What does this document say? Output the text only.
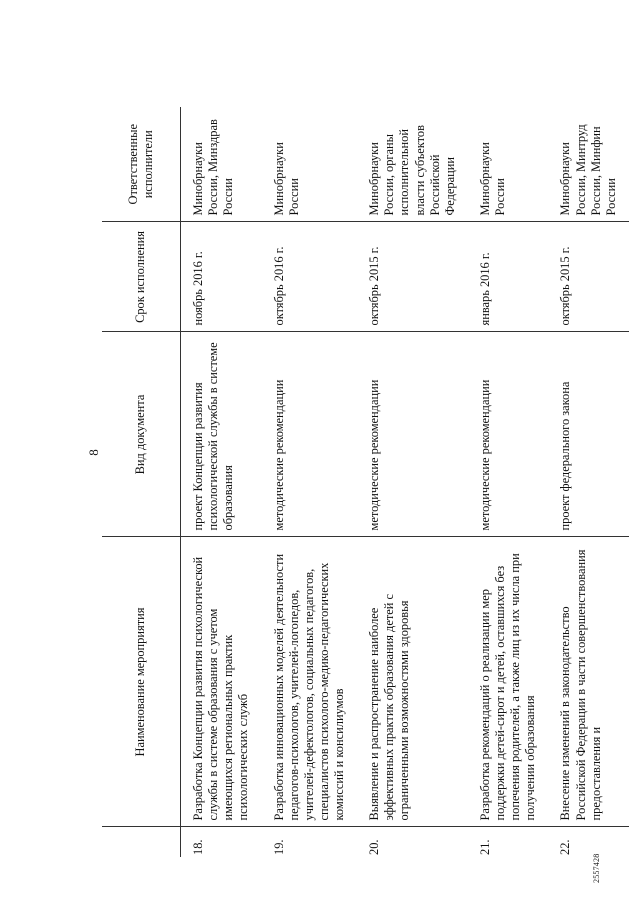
8
	Наименование мероприятия	Вид документа	Срок исполнения	Ответственные исполнители
18.	Разработка Концепции развития психологической службы в системе образования с учетом имеющихся региональных практик психологических служб	проект Концепции развития психологической службы в системе образования	ноябрь 2016 г.	Минобрнауки России, Минздрав России
19.	Разработка инновационных моделей деятельности педагогов-психологов, учителей-логопедов, учителей-дефектологов, социальных педагогов, специалистов психолого-медико-педагогических комиссий и консилиумов	методические рекомендации	октябрь 2016 г.	Минобрнауки России
20.	Выявление и распространение наиболее эффективных практик образования детей с ограниченными возможностями здоровья	методические рекомендации	октябрь 2015 г.	Минобрнауки России, органы исполнительной власти субъектов Российской Федерации
21.	Разработка рекомендаций о реализации мер поддержки детей-сирот и детей, оставшихся без попечения родителей, а также лиц из их числа при получении образования	методические рекомендации	январь 2016 г.	Минобрнауки России
22.	Внесение изменений в законодательство Российской Федерации в части совершенствования предоставления и	проект федерального закона	октябрь 2015 г.	Минобрнауки России, Минтруд России, Минфин России
2557428
